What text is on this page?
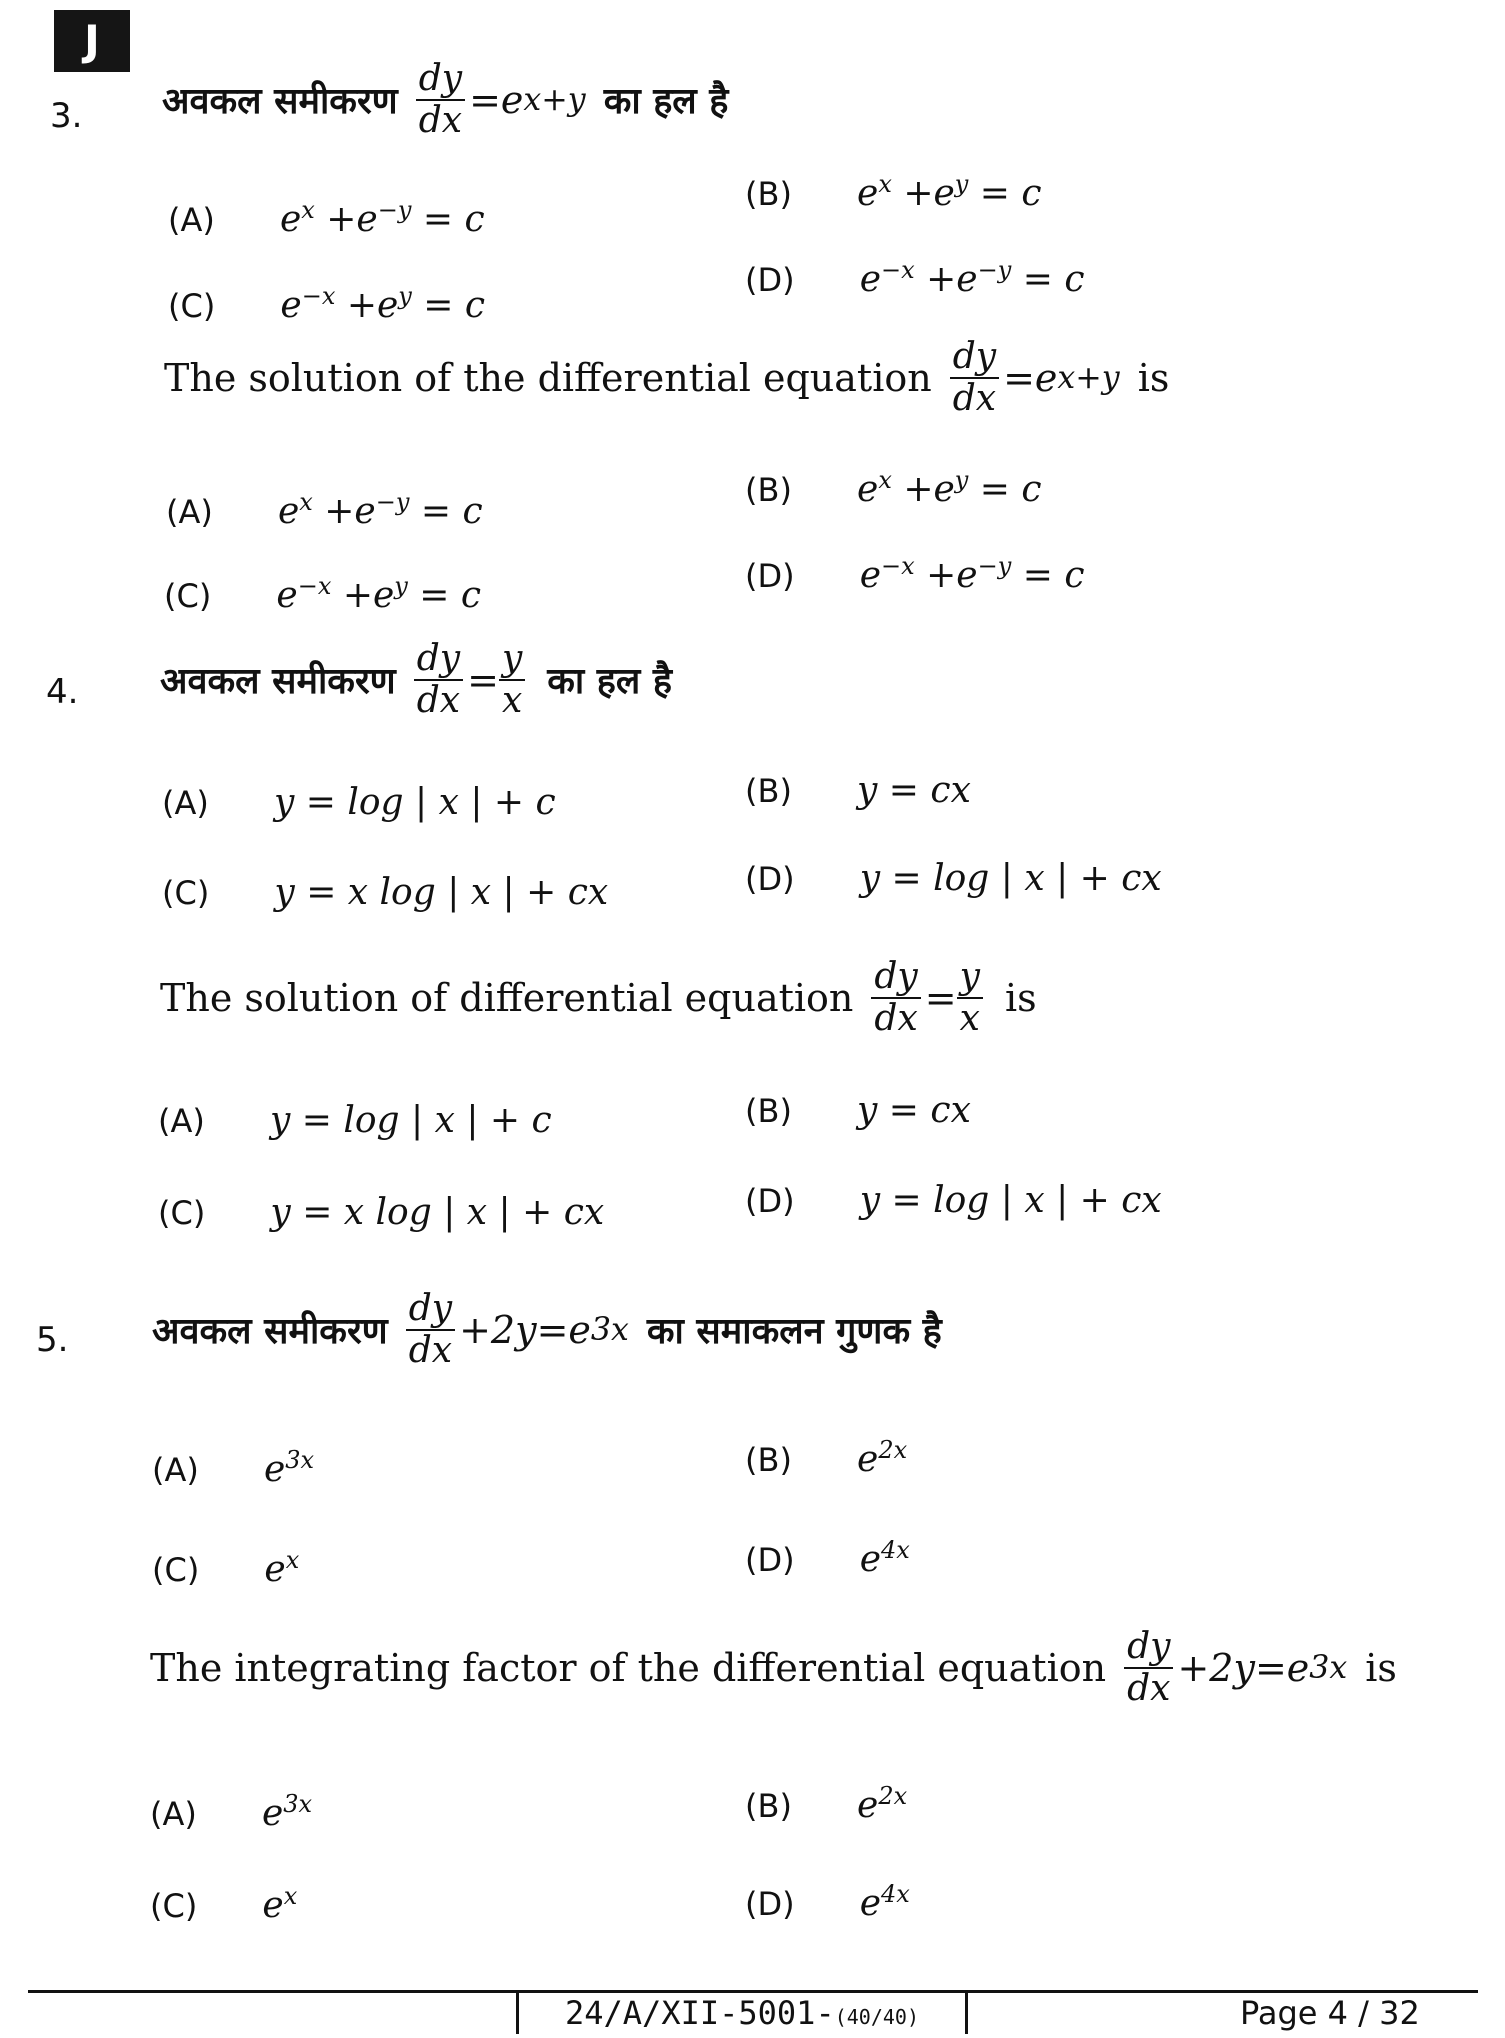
J
3. अवकल समीकरण $\frac{dy}{dx} =e$ x+y का हल है
(A) $e^x +e^{-y} = c$
(B) $e^x +e^y = c$
(C) $e^{-x} +e^y = c$
(D) $e^{-x} +e^{-y} = c$
The solution of the differential equation $\frac{dy}{dx} =e$ x+y is
(A) $e^x +e^{-y} = c$
(B) $e^x +e^y = c$
(C) $e^{-x} +e^y = c$	(D) $e^{-x} +e^{-y} = c$
4. अवकल समीकरण $\frac{dy}{dx} = \frac{y}{x}$ का हल है
(A) y = log | x | + c	(B) y = cx
(C) y = x log | x | + cx	(D) y = log | x | + cx
The solution of differential equation $\frac{dy}{dx} = \frac{y}{x}$ is
(A) y = log | x | + c	(B) y = cx
(C) y = x log | x | + cx	(D) y = log | x | + cx
5. अवकल समीकरण $\frac{dy}{dx} +2y=e$ 3x का समाकलन गुणक है
(A) $e^{3x}$	(B) $e^{2x}$
(C) $e^x$	(D) $e^{4x}$
The integrating factor of the differential equation $\frac{dy}{dx} +2y=e$ 3x is
(A) $e^{3x}$	(B) $e^{2x}$
(C) $e^x$	(D) $e^{4x}$
24/A/XII-5001-(40/40)	Page 4 / 32
